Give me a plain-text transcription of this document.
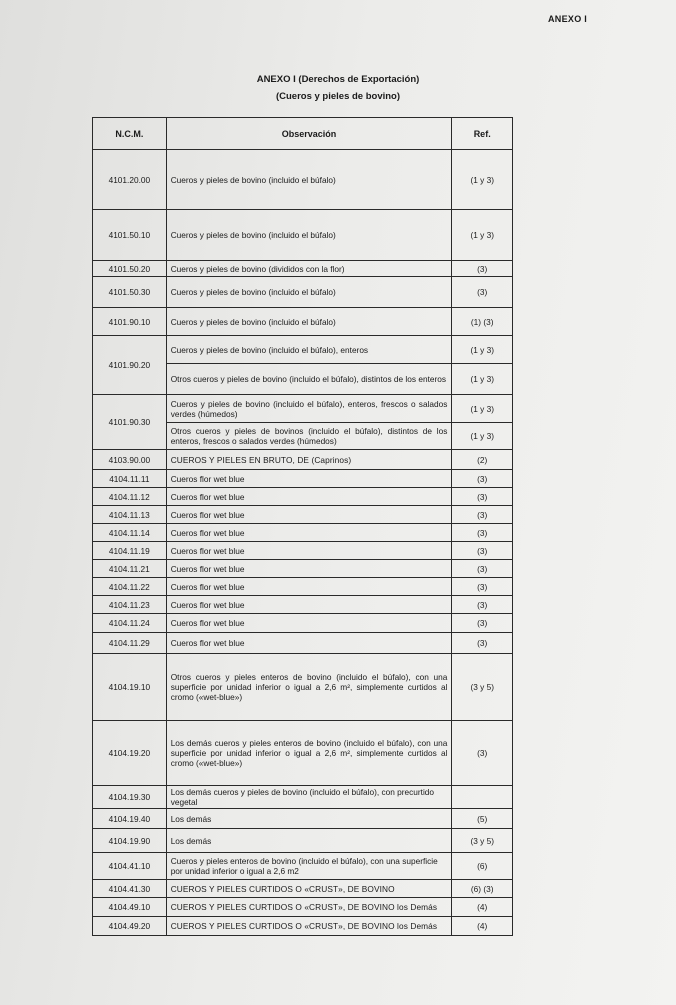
ANEXO I
ANEXO I (Derechos de Exportación)
(Cueros y pieles de bovino)
N.C.M.	Observación	Ref.
4101.20.00	Cueros y pieles de bovino (incluido el búfalo)	(1 y 3)
4101.50.10	Cueros y pieles de bovino (incluido el búfalo)	(1 y 3)
4101.50.20	Cueros y pieles de bovino (divididos con la flor)	(3)
4101.50.30	Cueros y pieles de bovino (incluido el búfalo)	(3)
4101.90.10	Cueros y pieles de bovino (incluido el búfalo)	(1) (3)
4101.90.20	Cueros y pieles de bovino (incluido el búfalo), enteros	(1 y 3)
	Otros cueros y pieles de bovino (incluido el búfalo), distintos de los enteros	(1 y 3)
4101.90.30	Cueros y pieles de bovino (incluido el búfalo), enteros, frescos o salados verdes (húmedos)	(1 y 3)
	Otros cueros y pieles de bovinos (incluido el búfalo), distintos de los enteros, frescos o salados verdes (húmedos)	(1 y 3)
4103.90.00	CUEROS Y PIELES EN BRUTO, DE (Caprinos)	(2)
4104.11.11	Cueros flor wet blue	(3)
4104.11.12	Cueros flor wet blue	(3)
4104.11.13	Cueros flor wet blue	(3)
4104.11.14	Cueros flor wet blue	(3)
4104.11.19	Cueros flor wet blue	(3)
4104.11.21	Cueros flor wet blue	(3)
4104.11.22	Cueros flor wet blue	(3)
4104.11.23	Cueros flor wet blue	(3)
4104.11.24	Cueros flor wet blue	(3)
4104.11.29	Cueros flor wet blue	(3)
4104.19.10	Otros cueros y pieles enteros de bovino (incluido el búfalo), con una superficie por unidad inferior o igual a 2,6 m², simplemente curtidos al cromo («wet-blue»)	(3 y 5)
4104.19.20	Los demás cueros y pieles enteros de bovino (incluido el búfalo), con una superficie por unidad inferior o igual a 2,6 m², simplemente curtidos al cromo («wet-blue»)	(3)
4104.19.30	Los demás cueros y pieles de bovino (incluido el búfalo), con precurtido vegetal	
4104.19.40	Los demás	(5)
4104.19.90	Los demás	(3 y 5)
4104.41.10	Cueros y pieles enteros de bovino (incluido el búfalo), con una superficie por unidad inferior o igual a 2,6 m2	(6)
4104.41.30	CUEROS Y PIELES CURTIDOS O «CRUST», DE BOVINO	(6) (3)
4104.49.10	CUEROS Y PIELES CURTIDOS O «CRUST», DE BOVINO los Demás	(4)
4104.49.20	CUEROS Y PIELES CURTIDOS O «CRUST», DE BOVINO los Demás	(4)
